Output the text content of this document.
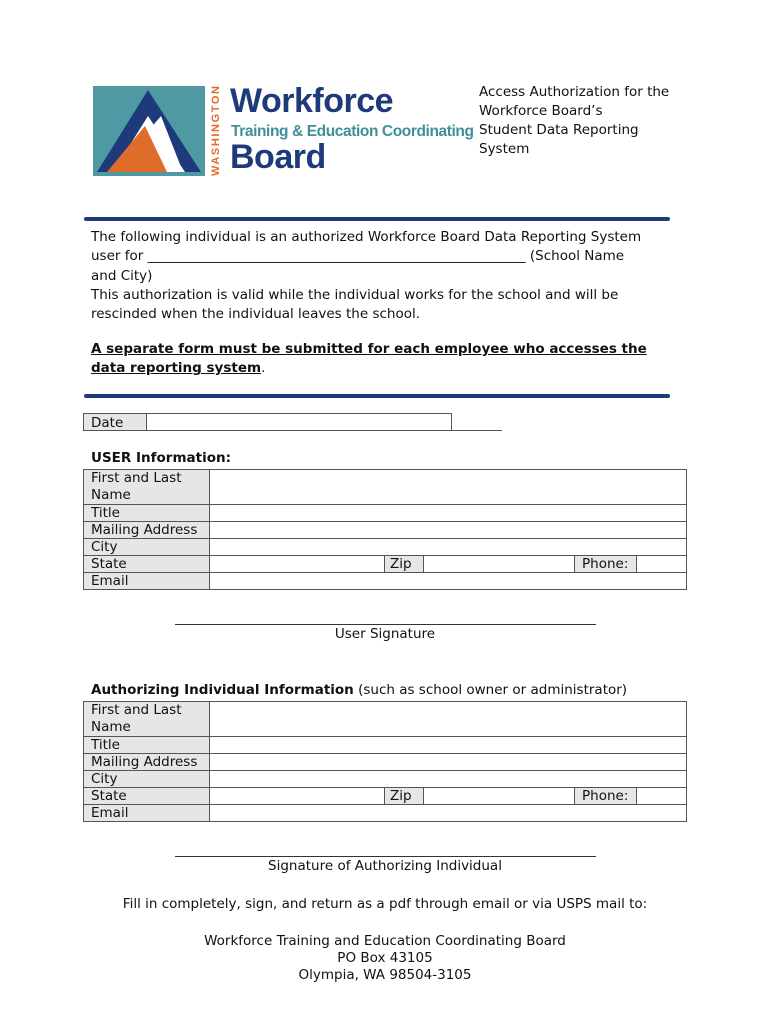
WASHINGTON Workforce
Training & Education Coordinating
Board
Access Authorization for the
Workforce Board’s
Student Data Reporting
System
The following individual is an authorized Workforce Board Data Reporting System
user for ________________________________________________________ (School Name
and City)
This authorization is valid while the individual works for the school and will be
rescinded when the individual leaves the school.
A separate form must be submitted for each employee who accesses the
data reporting system.
Date
USER Information:
First and Last Name
Title
Mailing Address
City
State	Zip	Phone:
Email
User Signature
Authorizing Individual Information (such as school owner or administrator)
First and Last Name
Title
Mailing Address
City
State	Zip	Phone:
Email
Signature of Authorizing Individual
Fill in completely, sign, and return as a pdf through email or via USPS mail to:
Workforce Training and Education Coordinating Board
PO Box 43105
Olympia, WA 98504-3105
